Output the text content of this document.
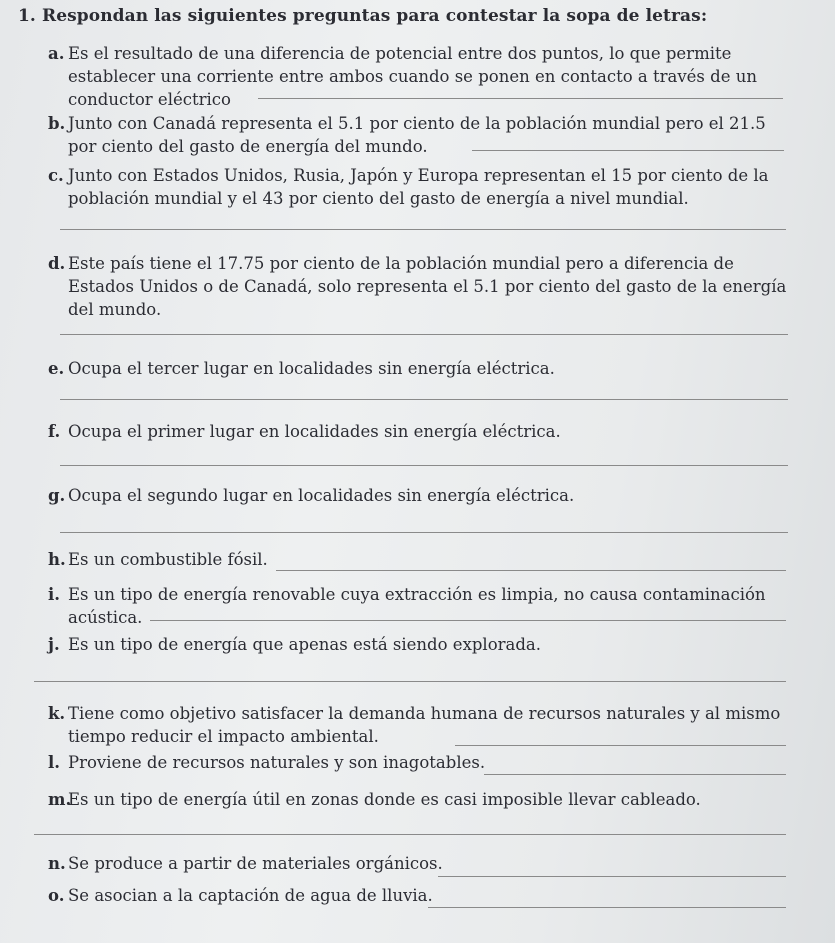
1. Respondan las siguientes preguntas para contestar la sopa de letras:
a. Es el resultado de una diferencia de potencial entre dos puntos, lo que permite establecer una corriente entre ambos cuando se ponen en contacto a través de un conductor eléctrico
b. Junto con Canadá representa el 5.1 por ciento de la población mundial pero el 21.5 por ciento del gasto de energía del mundo.
c. Junto con Estados Unidos, Rusia, Japón y Europa representan el 15 por ciento de la población mundial y el 43 por ciento del gasto de energía a nivel mundial.
d. Este país tiene el 17.75 por ciento de la población mundial pero a diferencia de Estados Unidos o de Canadá, solo representa el 5.1 por ciento del gasto de la energía del mundo.
e. Ocupa el tercer lugar en localidades sin energía eléctrica.
f. Ocupa el primer lugar en localidades sin energía eléctrica.
g. Ocupa el segundo lugar en localidades sin energía eléctrica.
h. Es un combustible fósil.
i. Es un tipo de energía renovable cuya extracción es limpia, no causa contaminación acústica.
j. Es un tipo de energía que apenas está siendo explorada.
k. Tiene como objetivo satisfacer la demanda humana de recursos naturales y al mismo tiempo reducir el impacto ambiental.
l. Proviene de recursos naturales y son inagotables.
m.
Es un tipo de energía útil en zonas donde es casi imposible llevar cableado.
n. Se produce a partir de materiales orgánicos.
o. Se asocian a la captación de agua de lluvia.
